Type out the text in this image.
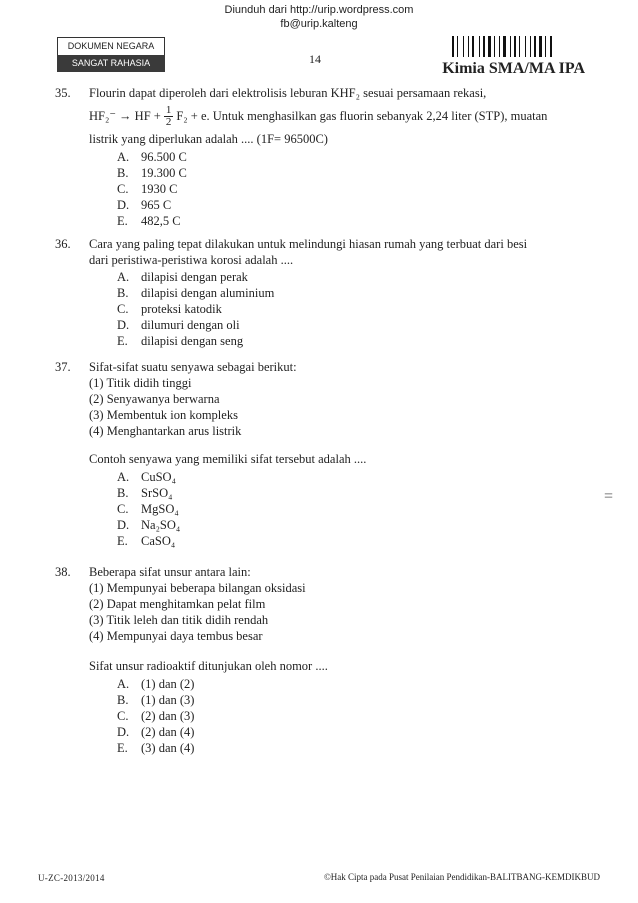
Diunduh dari http://urip.wordpress.com
fb@urip.kalteng
DOKUMEN NEGARA
SANGAT RAHASIA	14
Kimia SMA/MA IPA
35. Flourin dapat diperoleh dari elektrolisis leburan KHF₂ sesuai persamaan rekasi,
HF₂⁻ → HF + $\frac{1}{2} F_2 + e$. Untuk menghasilkan gas fluorin sebanyak 2,24 liter (STP), muatan
listrik yang diperlukan adalah .... (1F= 96500C)
A. 96.500 C
B.	19.300 C
C.	1930 C
D. 965 C
E.	482,5 C
36. Cara yang paling tepat dilakukan untuk melindungi hiasan rumah yang terbuat dari besi
dari peristiwa-peristiwa korosi adalah ....
A. dilapisi dengan perak
B.	dilapisi dengan aluminium
C.	proteksi katodik
D. dilumuri dengan oli
E.	dilapisi dengan seng
37. Sifat-sifat suatu senyawa sebagai berikut:
(1) Titik didih tinggi
(2) Senyawanya berwarna
(3) Membentuk ion kompleks
(4) Menghantarkan arus listrik
Contoh senyawa yang memiliki sifat tersebut adalah ....
A. CuSO₄
B.	SrSO₄
C.	MgSO₄
D. Na₂SO₄
E.	CaSO₄
38. Beberapa sifat unsur antara lain:
(1) Mempunyai beberapa bilangan oksidasi
(2) Dapat menghitamkan pelat film
(3) Titik leleh dan titik didih rendah
(4) Mempunyai daya tembus besar
Sifat unsur radioaktif ditunjukan oleh nomor ....
A. (1) dan (2)
B.	(1) dan (3)
C.	(2) dan (3)
D. (2) dan (4)
E.	(3) dan (4)
=
U-ZC-2013/2014	©Hak Cipta pada Pusat Penilaian Pendidikan-BALITBANG-KEMDIKBUD
